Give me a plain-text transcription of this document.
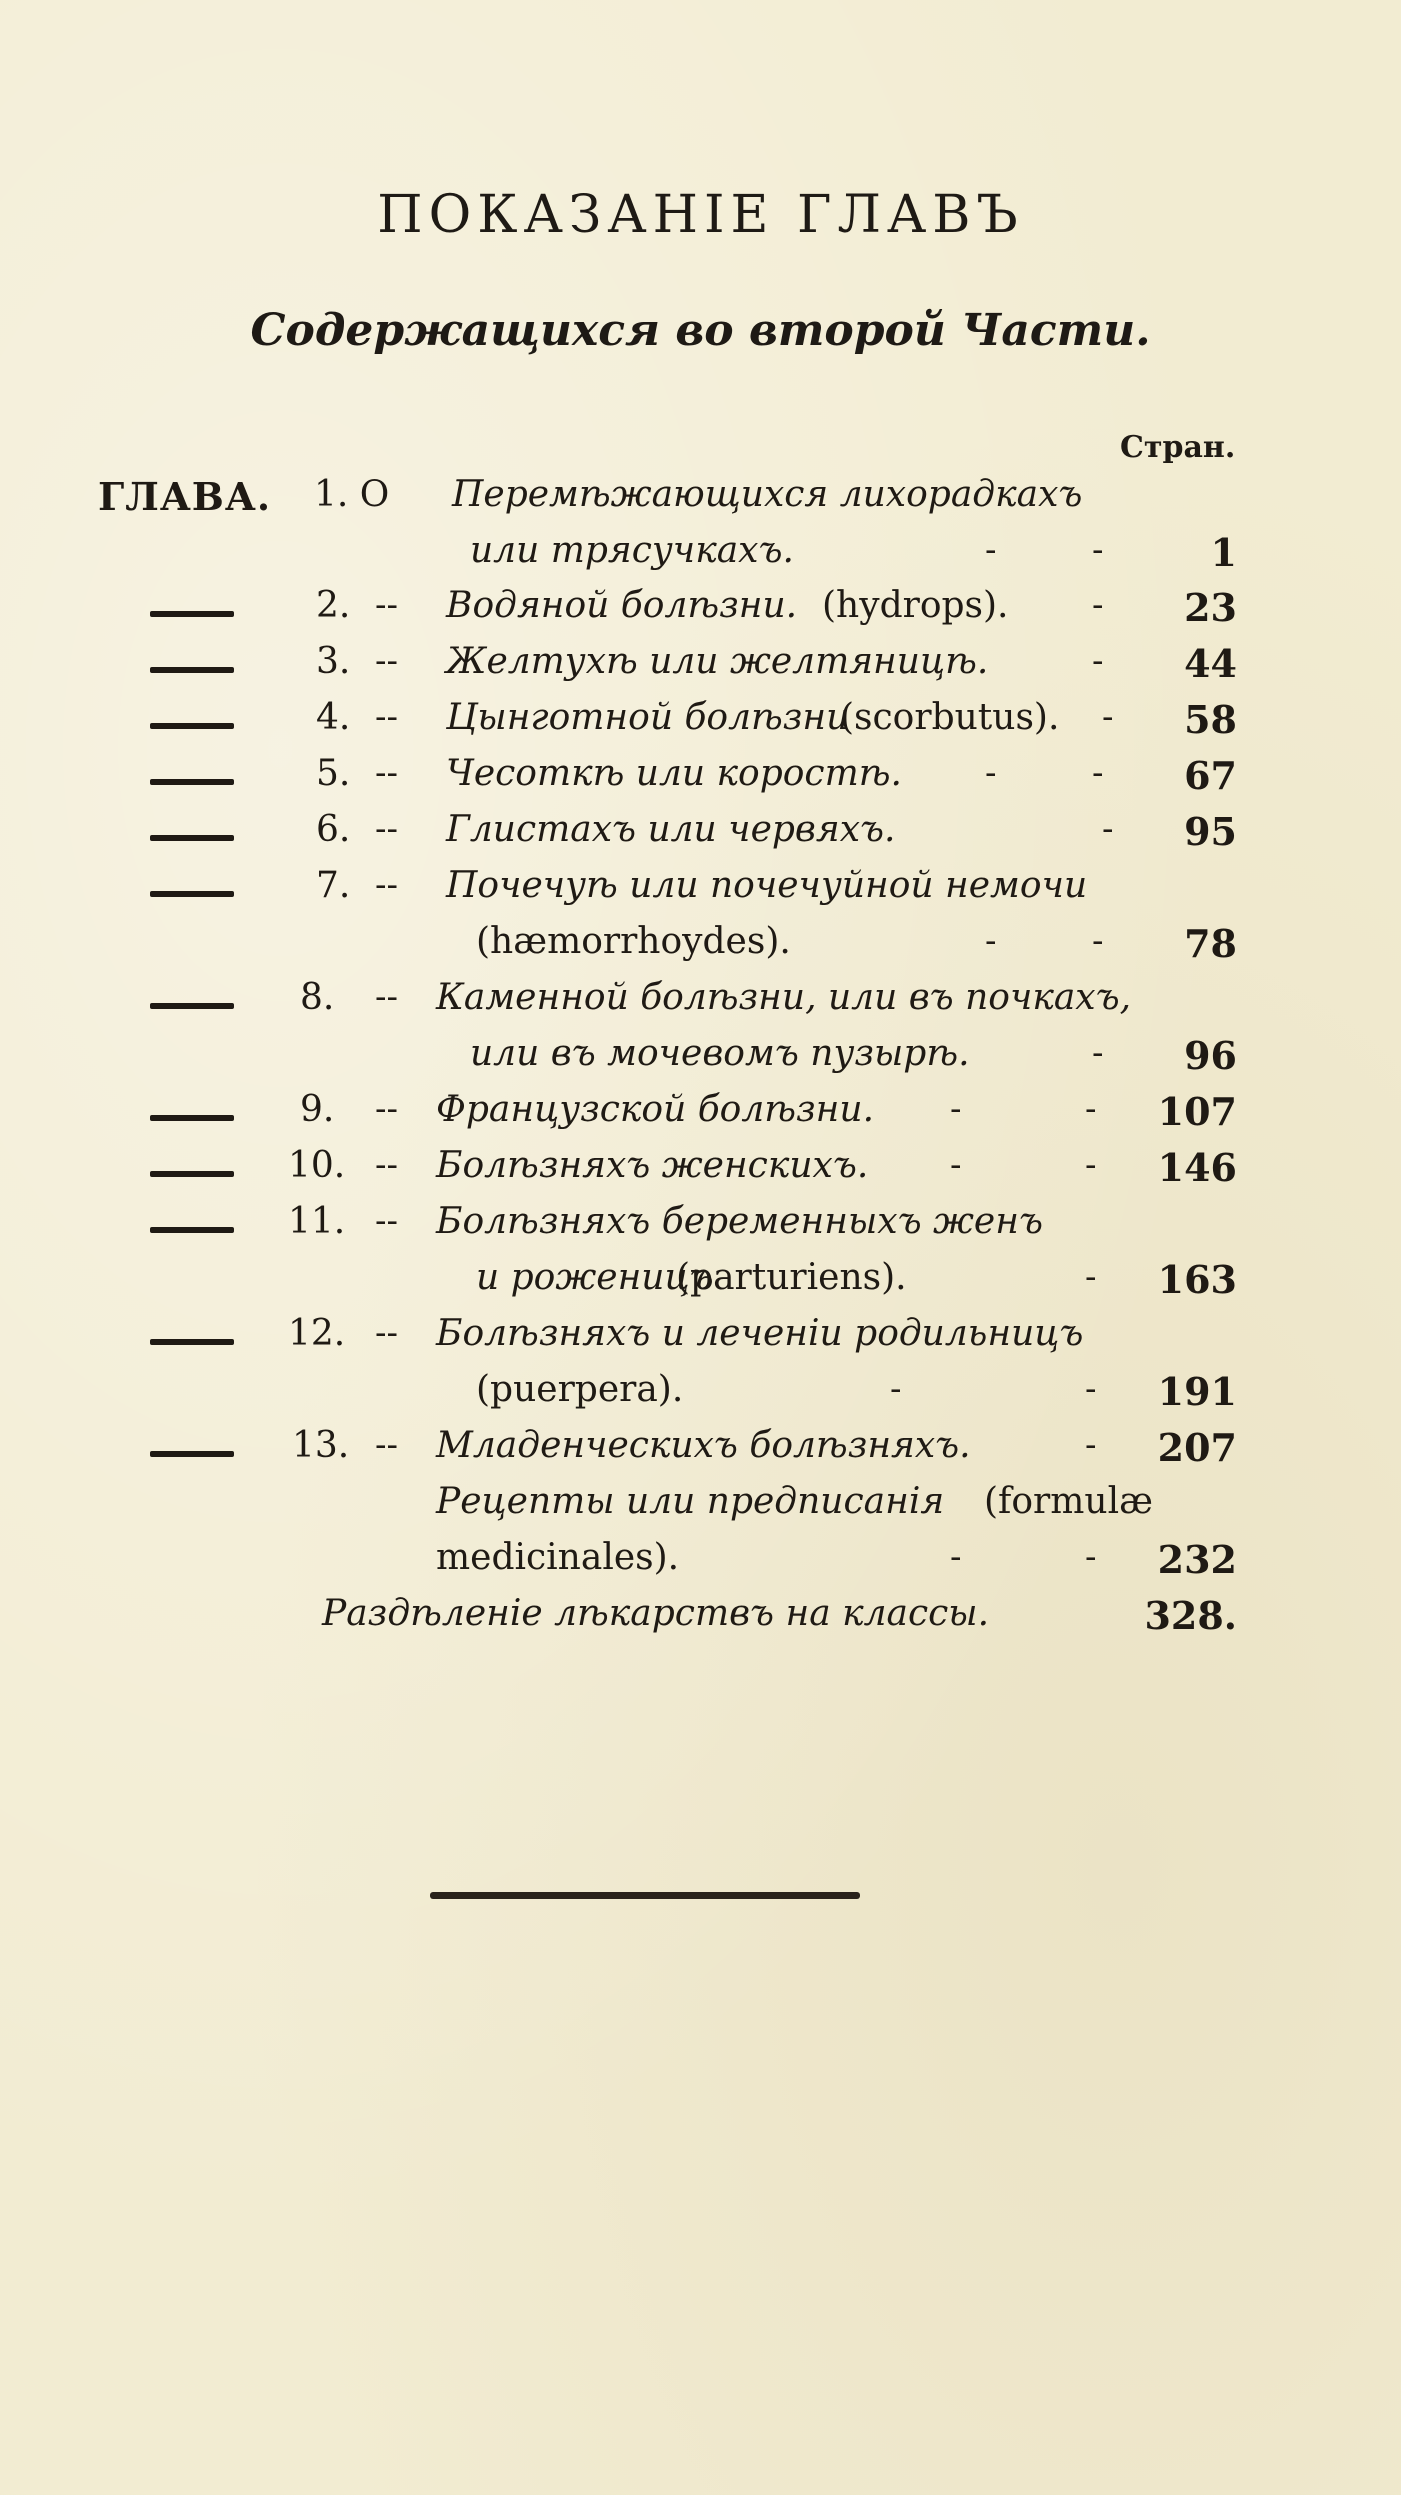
ПОКАЗАНІЕ ГЛАВЪ
Содержащихся во второй Части.
Стран.
ГЛАВА. 1. О	Перемѣжающихся лихорадкахъ
или трясучкахъ.	-	-	1
2. -- Водяной болѣзни. (hydrops). - 23
3. -- Желтухѣ или желтяницѣ.	- 44
4. -- Цынготной болѣзни
(scorbutus). - 58
5. -- Чесоткѣ или коростѣ. -	- 67
6. -- Глистахъ или червяхъ.	- 95
7. -- Почечуѣ или почечуйной немочи
(hæmorrhoydes).	-	- 78
8.	-- Каменной болѣзни, или въ почкахъ,
или въ мочевомъ пузырѣ.	- 96
9.	-- Французской болѣзни. -	- 107
10. -- Болѣзняхъ женскихъ. -	- 146
11. -- Болѣзняхъ беременныхъ женъ
и роженицъ
(parturiens).	- 163
12. -- Болѣзняхъ и леченіи родильницъ
(puerpera).	-	- 191
13. -- Младенческихъ болѣзняхъ.	- 207
Рецепты или предписанія (formulæ
medicinales).	-	- 232
Раздѣленіе лѣкарствъ на классы.	328.
